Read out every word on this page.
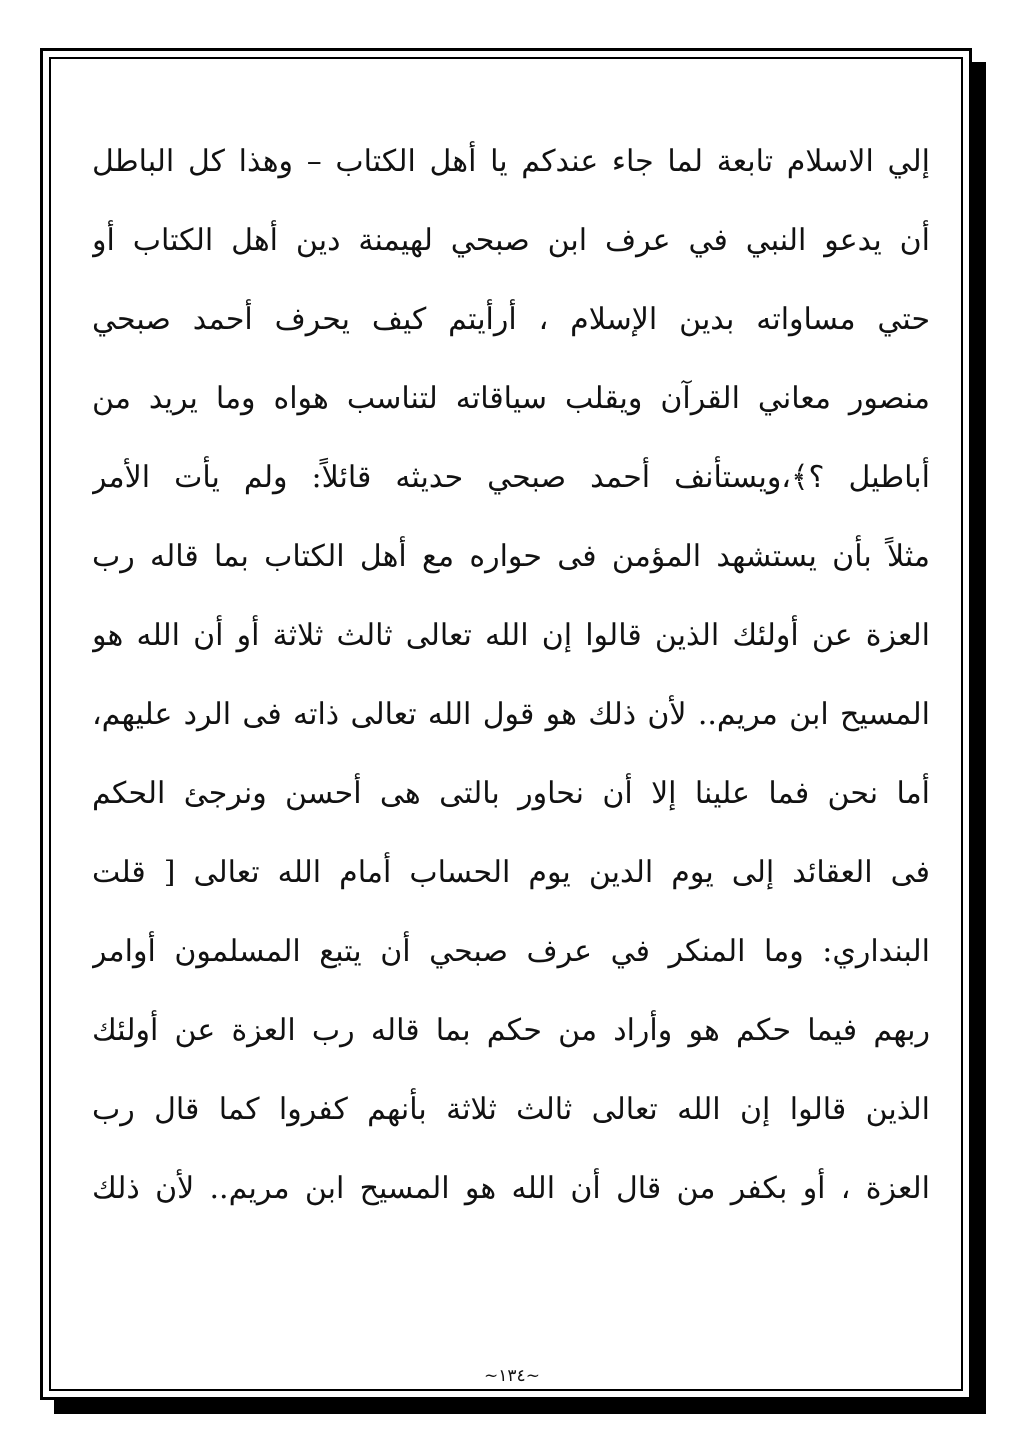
إلي الاسلام تابعة لما جاء عندكم يا أهل الكتاب – وهذا كل الباطل
أن يدعو النبي في عرف ابن صبحي لهيمنة دين أهل الكتاب أو
حتي مساواته بدين الإسلام ، أرأيتم كيف يحرف أحمد صبحي
منصور معاني القرآن ويقلب سياقاته لتناسب هواه وما يريد من
أباطيل ؟﴾،ويستأنف أحمد صبحي حديثه قائلاً: ولم يأت الأمر
مثلاً بأن يستشهد المؤمن فى حواره مع أهل الكتاب بما قاله رب
العزة عن أولئك الذين قالوا إن الله تعالى ثالث ثلاثة أو أن الله هو
المسيح ابن مريم.. لأن ذلك هو قول الله تعالى ذاته فى الرد عليهم،
أما نحن فما علينا إلا أن نحاور بالتى هى أحسن ونرجئ الحكم
فى العقائد إلى يوم الدين يوم الحساب أمام الله تعالى [ قلت
البنداري: وما المنكر في عرف صبحي أن يتبع المسلمون أوامر
ربهم فيما حكم هو وأراد من حكم بما قاله رب العزة عن أولئك
الذين قالوا إن الله تعالى ثالث ثلاثة بأنهم كفروا كما قال رب
العزة ، أو بكفر من قال أن الله هو المسيح ابن مريم.. لأن ذلك
~١٣٤~
